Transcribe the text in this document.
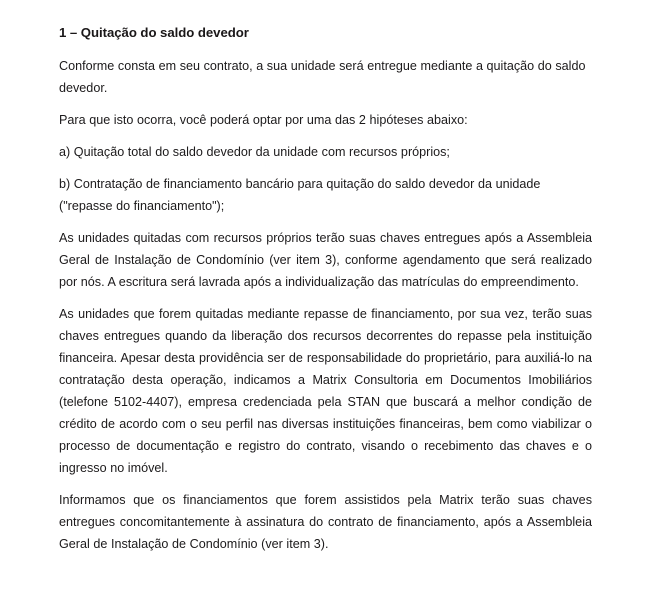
1 – Quitação do saldo devedor

Conforme consta em seu contrato, a sua unidade será entregue mediante a quitação do saldo devedor.

Para que isto ocorra, você poderá optar por uma das 2 hipóteses abaixo:

a) Quitação total do saldo devedor da unidade com recursos próprios;

b) Contratação de financiamento bancário para quitação do saldo devedor da unidade ("repasse do financiamento");

As unidades quitadas com recursos próprios terão suas chaves entregues após a Assembleia Geral de Instalação de Condomínio (ver item 3), conforme agendamento que será realizado por nós. A escritura será lavrada após a individualização das matrículas do empreendimento.

As unidades que forem quitadas mediante repasse de financiamento, por sua vez, terão suas chaves entregues quando da liberação dos recursos decorrentes do repasse pela instituição financeira. Apesar desta providência ser de responsabilidade do proprietário, para auxiliá-lo na contratação desta operação, indicamos a Matrix Consultoria em Documentos Imobiliários (telefone 5102-4407), empresa credenciada pela STAN que buscará a melhor condição de crédito de acordo com o seu perfil nas diversas instituições financeiras, bem como viabilizar o processo de documentação e registro do contrato, visando o recebimento das chaves e o ingresso no imóvel.

Informamos que os financiamentos que forem assistidos pela Matrix terão suas chaves entregues concomitantemente à assinatura do contrato de financiamento, após a Assembleia Geral de Instalação de Condomínio (ver item 3).
